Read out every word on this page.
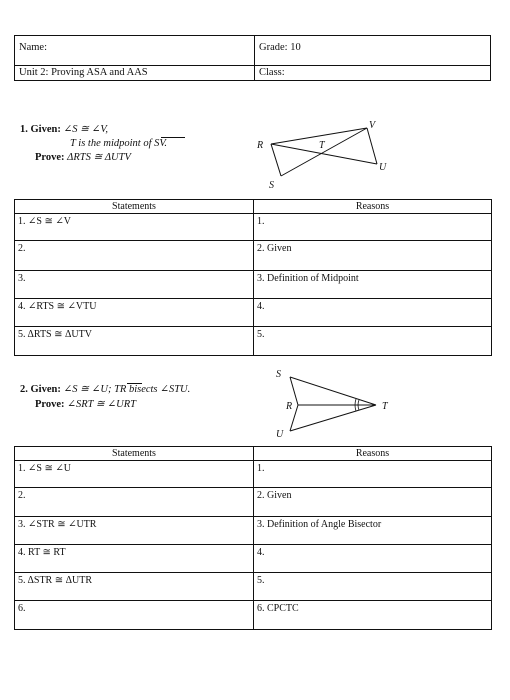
Name:	Grade: 10
Unit 2: Proving ASA and AAS	Class:
1. Given: ∠S ≅ ∠V,
T is the midpoint of SV.
Prove: ΔRTS ≅ ΔUTV
R	T
V
S
U
Statements	Reasons
1. ∠S ≅ ∠V	1.
2.	2. Given
3.	3. Definition of Midpoint
4. ∠RTS ≅ ∠VTU	4.
5. ΔRTS ≅ ΔUTV	5.
2. Given: ∠S ≅ ∠U; TR bisects ∠STU.
Prove: ∠SRT ≅ ∠URT
S
R	T
U
Statements	Reasons
1. ∠S ≅ ∠U	1.
2.	2. Given
3. ∠STR ≅ ∠UTR	3. Definition of Angle Bisector
4. RT ≅ RT	4.
5. ΔSTR ≅ ΔUTR	5.
6.	6. CPCTC
